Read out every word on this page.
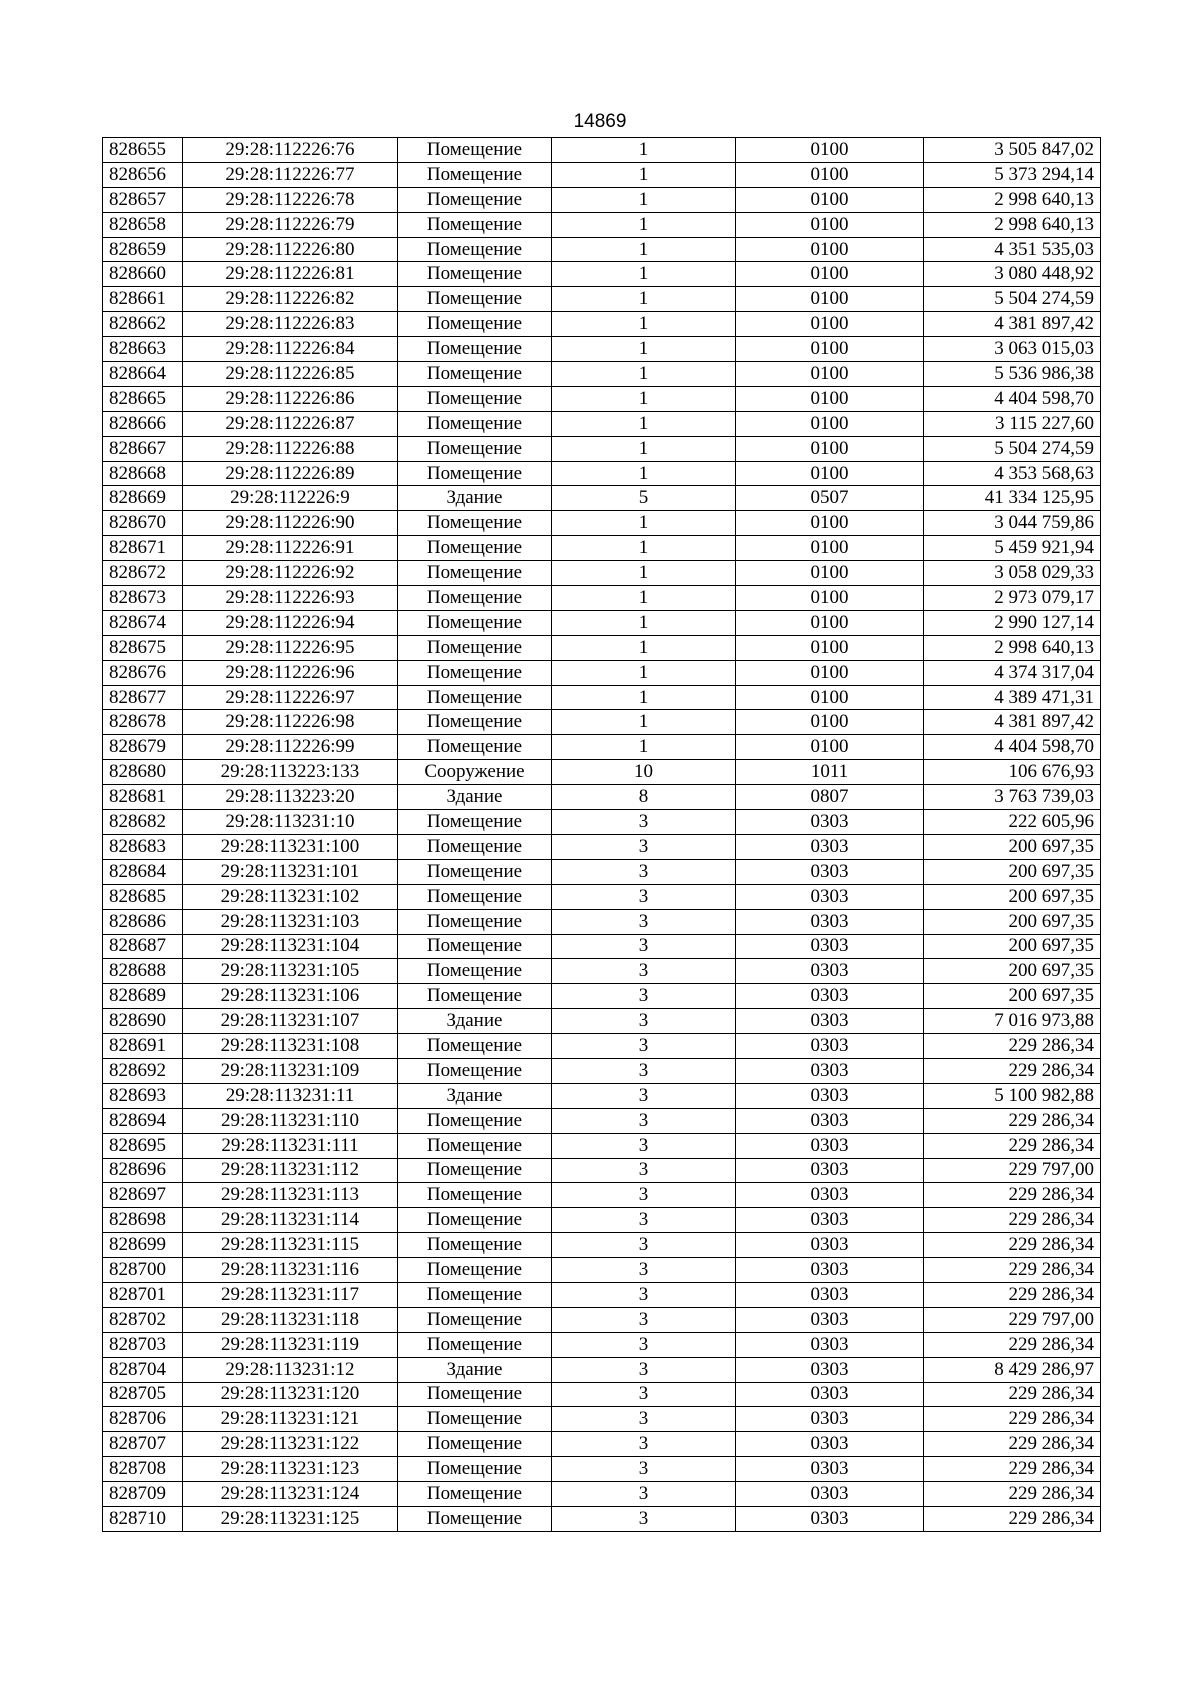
14869
828655	29:28:112226:76	Помещение	1	0100	3 505 847,02
828656	29:28:112226:77	Помещение	1	0100	5 373 294,14
828657	29:28:112226:78	Помещение	1	0100	2 998 640,13
828658	29:28:112226:79	Помещение	1	0100	2 998 640,13
828659	29:28:112226:80	Помещение	1	0100	4 351 535,03
828660	29:28:112226:81	Помещение	1	0100	3 080 448,92
828661	29:28:112226:82	Помещение	1	0100	5 504 274,59
828662	29:28:112226:83	Помещение	1	0100	4 381 897,42
828663	29:28:112226:84	Помещение	1	0100	3 063 015,03
828664	29:28:112226:85	Помещение	1	0100	5 536 986,38
828665	29:28:112226:86	Помещение	1	0100	4 404 598,70
828666	29:28:112226:87	Помещение	1	0100	3 115 227,60
828667	29:28:112226:88	Помещение	1	0100	5 504 274,59
828668	29:28:112226:89	Помещение	1	0100	4 353 568,63
828669	29:28:112226:9	Здание	5	0507	41 334 125,95
828670	29:28:112226:90	Помещение	1	0100	3 044 759,86
828671	29:28:112226:91	Помещение	1	0100	5 459 921,94
828672	29:28:112226:92	Помещение	1	0100	3 058 029,33
828673	29:28:112226:93	Помещение	1	0100	2 973 079,17
828674	29:28:112226:94	Помещение	1	0100	2 990 127,14
828675	29:28:112226:95	Помещение	1	0100	2 998 640,13
828676	29:28:112226:96	Помещение	1	0100	4 374 317,04
828677	29:28:112226:97	Помещение	1	0100	4 389 471,31
828678	29:28:112226:98	Помещение	1	0100	4 381 897,42
828679	29:28:112226:99	Помещение	1	0100	4 404 598,70
828680	29:28:113223:133	Сооружение	10	1011	106 676,93
828681	29:28:113223:20	Здание	8	0807	3 763 739,03
828682	29:28:113231:10	Помещение	3	0303	222 605,96
828683	29:28:113231:100	Помещение	3	0303	200 697,35
828684	29:28:113231:101	Помещение	3	0303	200 697,35
828685	29:28:113231:102	Помещение	3	0303	200 697,35
828686	29:28:113231:103	Помещение	3	0303	200 697,35
828687	29:28:113231:104	Помещение	3	0303	200 697,35
828688	29:28:113231:105	Помещение	3	0303	200 697,35
828689	29:28:113231:106	Помещение	3	0303	200 697,35
828690	29:28:113231:107	Здание	3	0303	7 016 973,88
828691	29:28:113231:108	Помещение	3	0303	229 286,34
828692	29:28:113231:109	Помещение	3	0303	229 286,34
828693	29:28:113231:11	Здание	3	0303	5 100 982,88
828694	29:28:113231:110	Помещение	3	0303	229 286,34
828695	29:28:113231:111	Помещение	3	0303	229 286,34
828696	29:28:113231:112	Помещение	3	0303	229 797,00
828697	29:28:113231:113	Помещение	3	0303	229 286,34
828698	29:28:113231:114	Помещение	3	0303	229 286,34
828699	29:28:113231:115	Помещение	3	0303	229 286,34
828700	29:28:113231:116	Помещение	3	0303	229 286,34
828701	29:28:113231:117	Помещение	3	0303	229 286,34
828702	29:28:113231:118	Помещение	3	0303	229 797,00
828703	29:28:113231:119	Помещение	3	0303	229 286,34
828704	29:28:113231:12	Здание	3	0303	8 429 286,97
828705	29:28:113231:120	Помещение	3	0303	229 286,34
828706	29:28:113231:121	Помещение	3	0303	229 286,34
828707	29:28:113231:122	Помещение	3	0303	229 286,34
828708	29:28:113231:123	Помещение	3	0303	229 286,34
828709	29:28:113231:124	Помещение	3	0303	229 286,34
828710	29:28:113231:125	Помещение	3	0303	229 286,34
